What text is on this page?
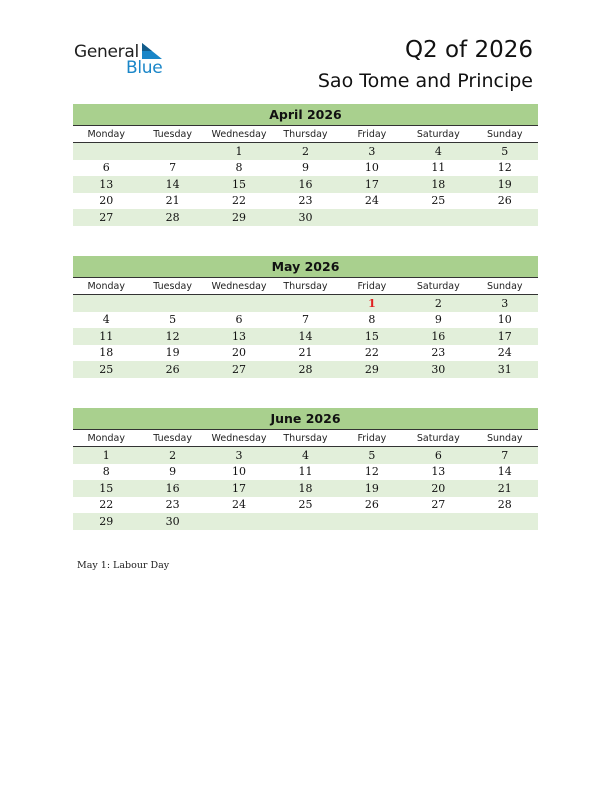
General
Blue
Q2 of 2026
Sao Tome and Principe
April 2026
Monday	Tuesday	Wednesday	Thursday	Friday	Saturday	Sunday
		1	2	3	4	5
6	7	8	9	10	11	12
13	14	15	16	17	18	19
20	21	22	23	24	25	26
27	28	29	30			
May 2026
Monday	Tuesday	Wednesday	Thursday	Friday	Saturday	Sunday
				1	2	3
4	5	6	7	8	9	10
11	12	13	14	15	16	17
18	19	20	21	22	23	24
25	26	27	28	29	30	31
June 2026
Monday	Tuesday	Wednesday	Thursday	Friday	Saturday	Sunday
1	2	3	4	5	6	7
8	9	10	11	12	13	14
15	16	17	18	19	20	21
22	23	24	25	26	27	28
29	30					
May 1: Labour Day
